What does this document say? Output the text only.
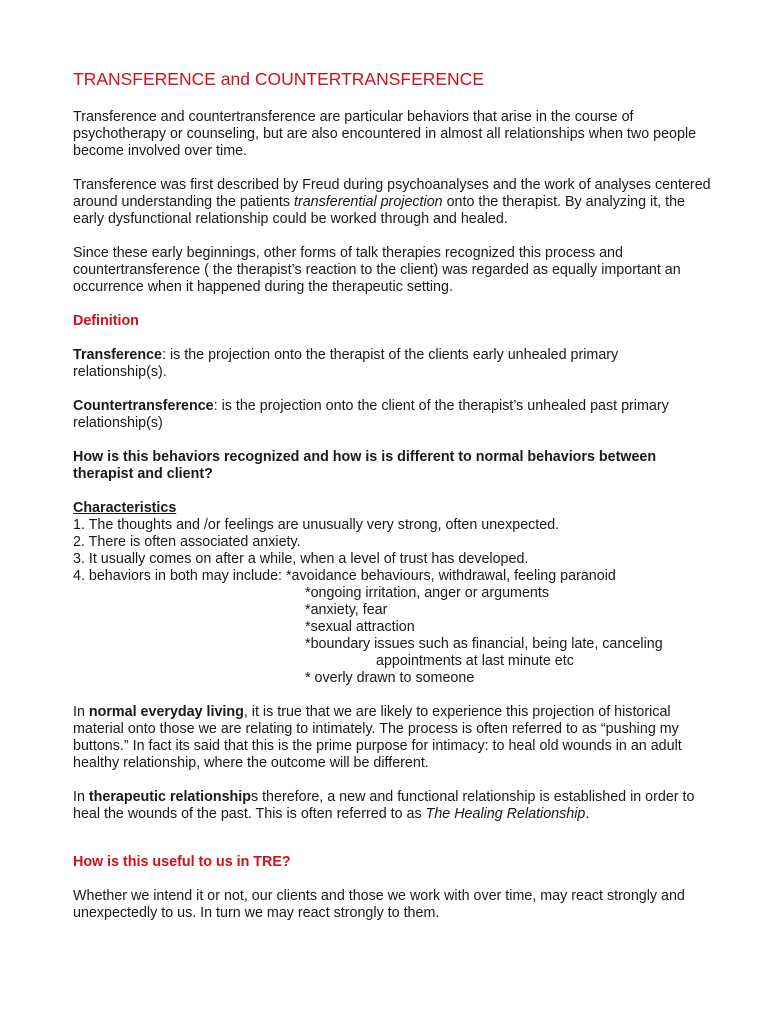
TRANSFERENCE and COUNTERTRANSFERENCE

Transference and countertransference are particular behaviors that arise in the course of psychotherapy or counseling, but are also encountered in almost all relationships when two people become involved over time.

Transference was first described by Freud during psychoanalyses and the work of analyses centered around understanding the patients transferential projection onto the therapist. By analyzing it, the early dysfunctional relationship could be worked through and healed.

Since these early beginnings, other forms of talk therapies recognized this process and countertransference ( the therapist’s reaction to the client) was regarded as equally important an occurrence when it happened during the therapeutic setting.

Definition

Transference: is the projection onto the therapist of the clients early unhealed primary relationship(s).

Countertransference: is the projection onto the client of the therapist’s unhealed past primary relationship(s)

How is this behaviors recognized and how is is different to normal behaviors between therapist and client?

Characteristics
1. The thoughts and /or feelings are unusually very strong, often unexpected.
2. There is often associated anxiety.
3. It usually comes on after a while, when a level of trust has developed.
4. behaviors in both may include: *avoidance behaviours, withdrawal, feeling paranoid
*ongoing irritation, anger or arguments
*anxiety, fear
*sexual attraction
*boundary issues such as financial, being late, canceling
appointments at last minute etc
* overly drawn to someone

In normal everyday living, it is true that we are likely to experience this projection of historical material onto those we are relating to intimately. The process is often referred to as “pushing my buttons.” In fact its said that this is the prime purpose for intimacy: to heal old wounds in an adult healthy relationship, where the outcome will be different.

In therapeutic relationships therefore, a new and functional relationship is established in order to heal the wounds of the past. This is often referred to as The Healing Relationship.

How is this useful to us in TRE?

Whether we intend it or not, our clients and those we work with over time, may react strongly and unexpectedly to us. In turn we may react strongly to them.
